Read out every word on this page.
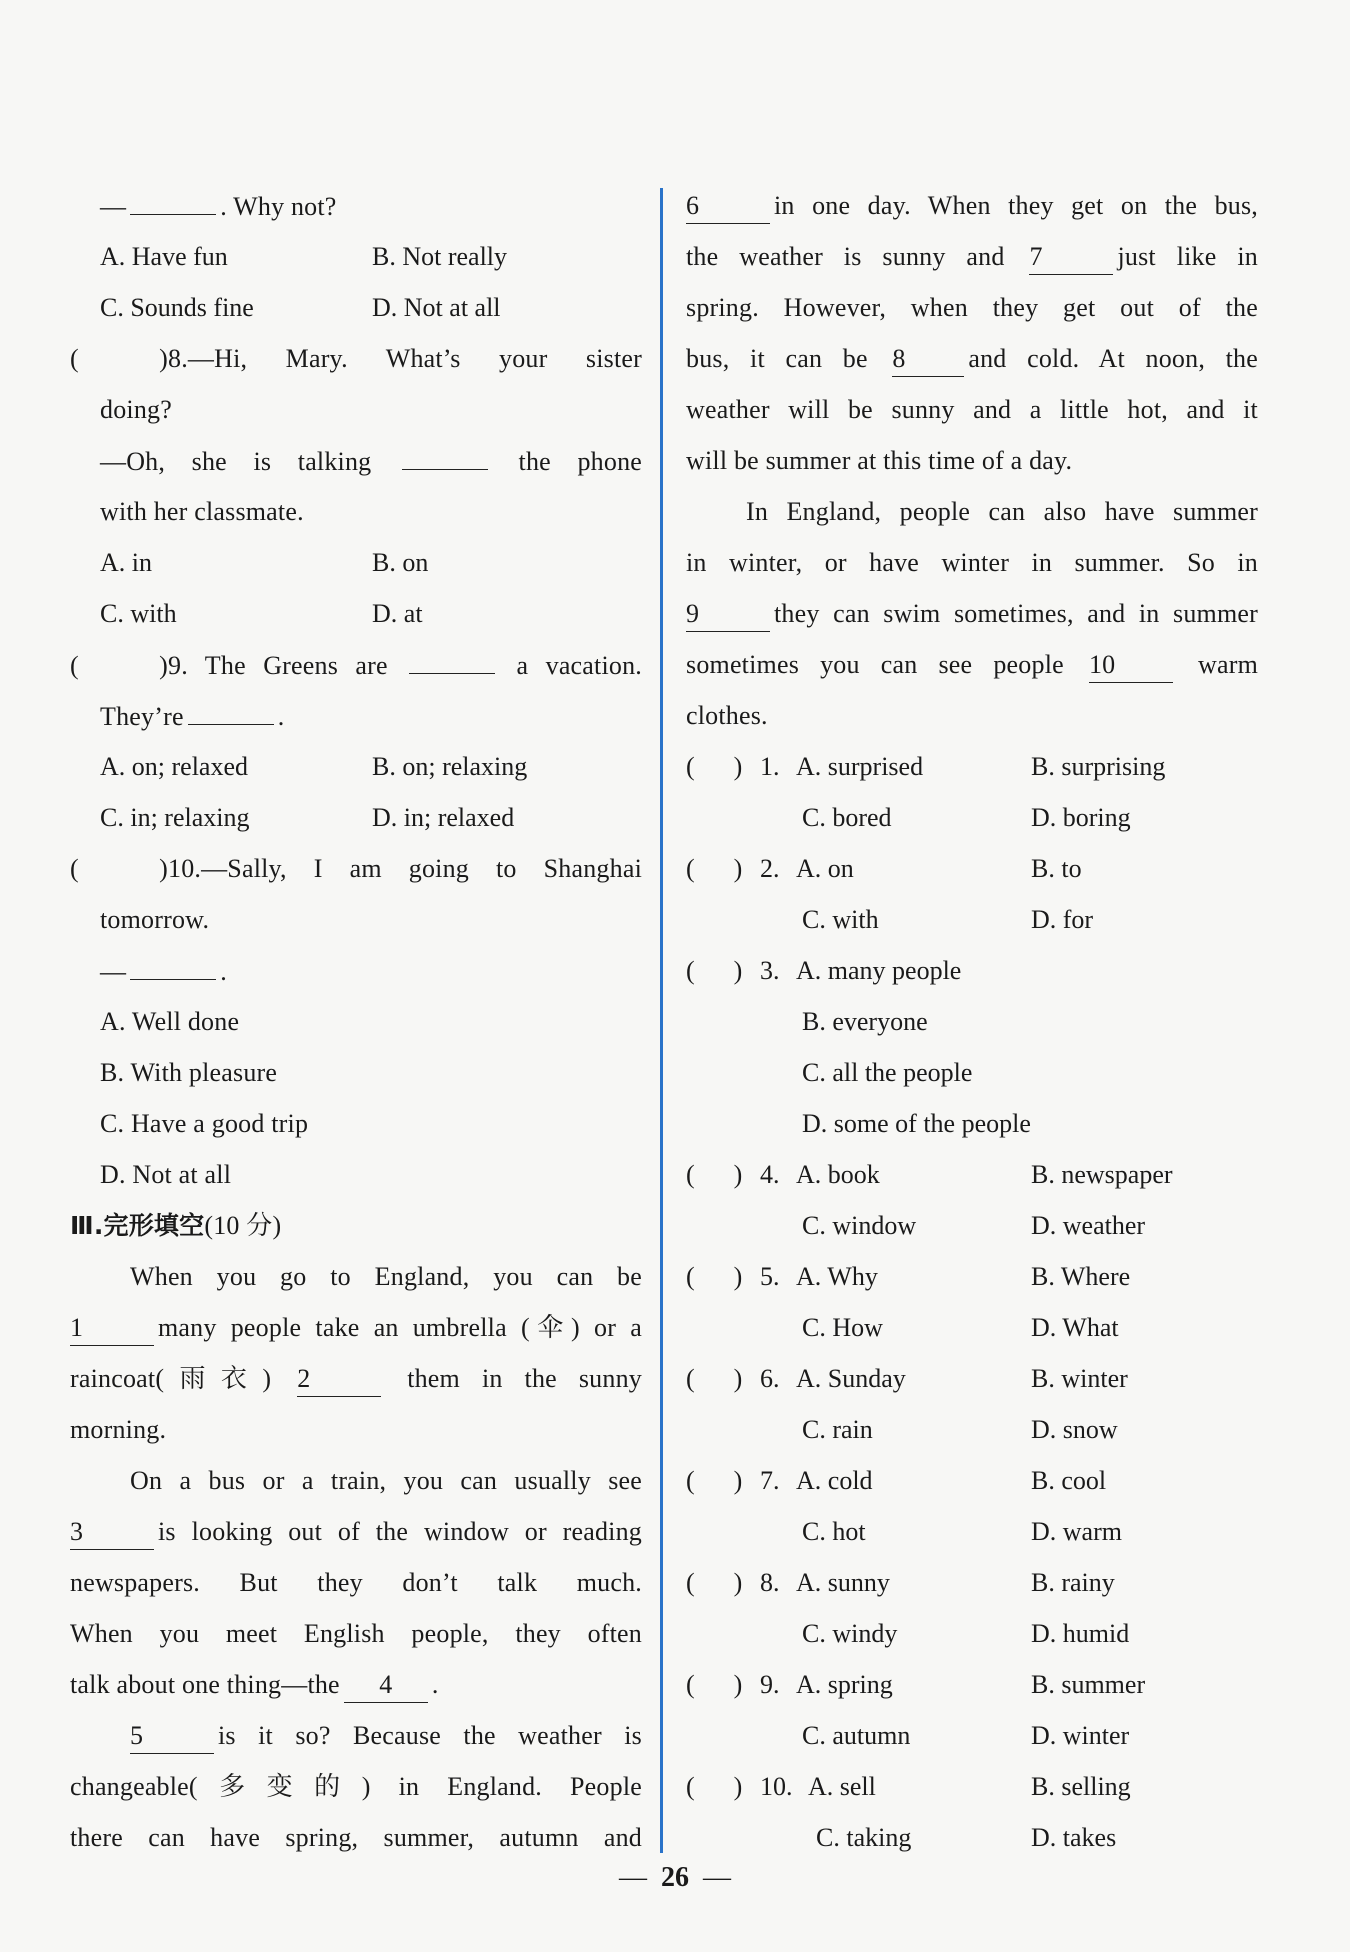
—	. Why not?
A. Have fun	B. Not really
C. Sounds fine	D. Not at all
(      )8.—Hi, Mary. What’s your sister
doing?
—Oh, she is talking	the phone
with her classmate.
A. in	B. on
C. with	D. at
(      )9. The Greens are	a vacation.
They’re	.
A. on; relaxed	B. on; relaxing
C. in; relaxing	D. in; relaxed
(      )10.—Sally, I am going to Shanghai
tomorrow.
—	.
A. Well done
B. With pleasure
C. Have a good trip
D. Not at all
Ⅲ.完形填空(10 分)
When you go to England, you can be
1	many people take an umbrella (伞) or a
raincoat(雨衣) 2	them in the sunny
morning.
On a bus or a train, you can usually see
3	is looking out of the window or reading
newspapers. But they don’t talk much.
When you meet English people, they often
talk about one thing—the 4 .
5	is it so? Because the weather is
changeable(多变的) in England. People
there can have spring, summer, autumn and
6	in one day. When they get on the bus,
the weather is sunny and 7	just like in
spring. However, when they get out of the
bus, it can be 8 and cold. At noon, the
weather will be sunny and a little hot, and it
will be summer at this time of a day.
In England, people can also have summer
in winter, or have winter in summer. So in
9	they can swim sometimes, and in summer
sometimes you can see people 10	warm
clothes.
(      ) 1. A. surprised	B. surprising
C. bored	D. boring
(      ) 2. A. on	B. to
C. with	D. for
(      ) 3. A. many people
B. everyone
C. all the people
D. some of the people
(      ) 4. A. book	B. newspaper
C. window	D. weather
(      ) 5. A. Why	B. Where
C. How	D. What
(      ) 6. A. Sunday	B. winter
C. rain	D. snow
(      ) 7. A. cold	B. cool
C. hot	D. warm
(      ) 8. A. sunny	B. rainy
C. windy	D. humid
(      ) 9. A. spring	B. summer
C. autumn	D. winter
(      ) 10. A. sell	B. selling
C. taking	D. takes
— 26 —
